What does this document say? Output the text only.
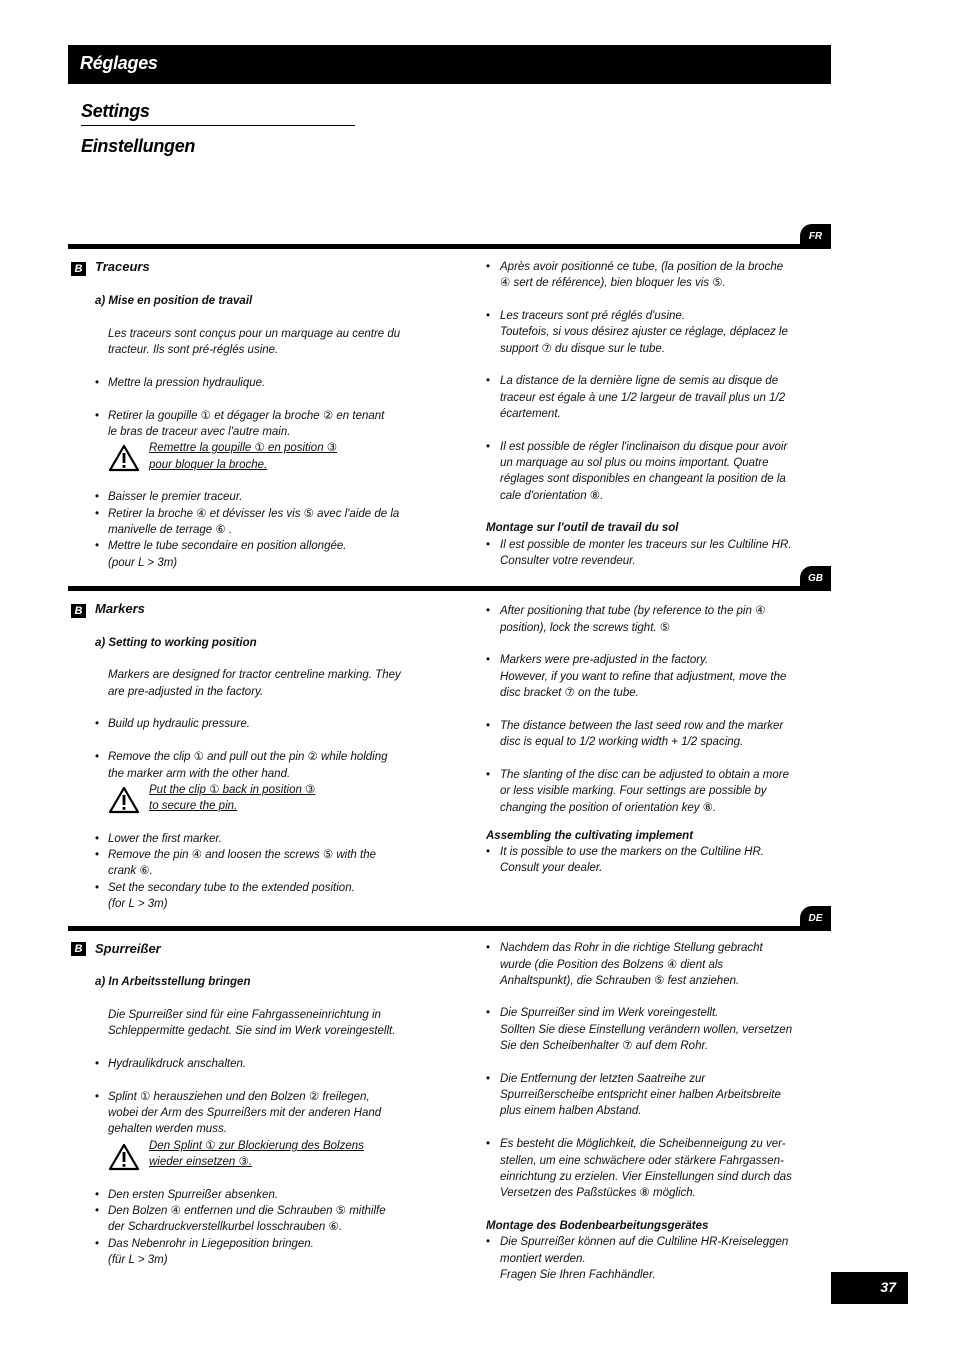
Réglages
Settings
Einstellungen
FR
B Traceurs
a) Mise en position de travail
Les traceurs sont conçus pour un marquage au centre du
tracteur. Ils sont pré-réglés usine.
• Mettre la pression hydraulique.
• Retirer la goupille ① et dégager la broche ② en tenant
le bras de traceur avec l'autre main.
Remettre la goupille ① en position ③
pour bloquer la broche.
• Baisser le premier traceur.
• Retirer la broche ④ et dévisser les vis ⑤ avec l'aide de la
manivelle de terrage ⑥ .
• Mettre le tube secondaire en position allongée.
(pour L > 3m)
• Après avoir positionné ce tube, (la position de la broche
④ sert de référence), bien bloquer les vis ⑤.
• Les traceurs sont pré réglés d'usine.
Toutefois, si vous désirez ajuster ce réglage, déplacez le
support ⑦ du disque sur le tube.
• La distance de la dernière ligne de semis au disque de
traceur est égale à une 1/2 largeur de travail plus un 1/2
écartement.
• Il est possible de régler l'inclinaison du disque pour avoir
un marquage au sol plus ou moins important. Quatre
réglages sont disponibles en changeant la position de la
cale d'orientation ⑧.
Montage sur l'outil de travail du sol
• Il est possible de monter les traceurs sur les Cultiline HR.
Consulter votre revendeur.
GB
B Markers
a) Setting to working position
Markers are designed for tractor centreline marking. They
are pre-adjusted in the factory.
• Build up hydraulic pressure.
• Remove the clip ① and pull out the pin ② while holding
the marker arm with the other hand.
Put the clip ① back in position ③
to secure the pin.
• Lower the first marker.
• Remove the pin ④ and loosen the screws ⑤ with the
crank ⑥.
• Set the secondary tube to the extended position.
(for L > 3m)
• After positioning that tube (by reference to the pin ④
position), lock the screws tight. ⑤
• Markers were pre-adjusted in the factory.
However, if you want to refine that adjustment, move the
disc bracket ⑦ on the tube.
• The distance between the last seed row and the marker
disc is equal to 1/2 working width + 1/2 spacing.
• The slanting of the disc can be adjusted to obtain a more
or less visible marking. Four settings are possible by
changing the position of orientation key ⑧.
Assembling the cultivating implement
• It is possible to use the markers on the Cultiline HR.
Consult your dealer.
DE
B Spurreißer
a) In Arbeitsstellung bringen
Die Spurreißer sind für eine Fahrgasseneinrichtung in
Schleppermitte gedacht. Sie sind im Werk voreingestellt.
• Hydraulikdruck anschalten.
• Splint ① herausziehen und den Bolzen ② freilegen,
wobei der Arm des Spurreißers mit der anderen Hand
gehalten werden muss.
Den Splint ① zur Blockierung des Bolzens
wieder einsetzen ③.
• Den ersten Spurreißer absenken.
• Den Bolzen ④ entfernen und die Schrauben ⑤ mithilfe
der Schardruckverstellkurbel losschrauben ⑥.
• Das Nebenrohr in Liegeposition bringen.
(für L > 3m)
• Nachdem das Rohr in die richtige Stellung gebracht
wurde (die Position des Bolzens ④ dient als
Anhaltspunkt), die Schrauben ⑤ fest anziehen.
• Die Spurreißer sind im Werk voreingestellt.
Sollten Sie diese Einstellung verändern wollen, versetzen
Sie den Scheibenhalter ⑦ auf dem Rohr.
• Die Entfernung der letzten Saatreihe zur
Spurreißerscheibe entspricht einer halben Arbeitsbreite
plus einem halben Abstand.
• Es besteht die Möglichkeit, die Scheibenneigung zu ver-
stellen, um eine schwächere oder stärkere Fahrgassen-
einrichtung zu erzielen. Vier Einstellungen sind durch das
Versetzen des Paßstückes ⑧ möglich.
Montage des Bodenbearbeitungsgerätes
• Die Spurreißer können auf die Cultiline HR-Kreiseleggen
montiert werden.
Fragen Sie Ihren Fachhändler.
37
